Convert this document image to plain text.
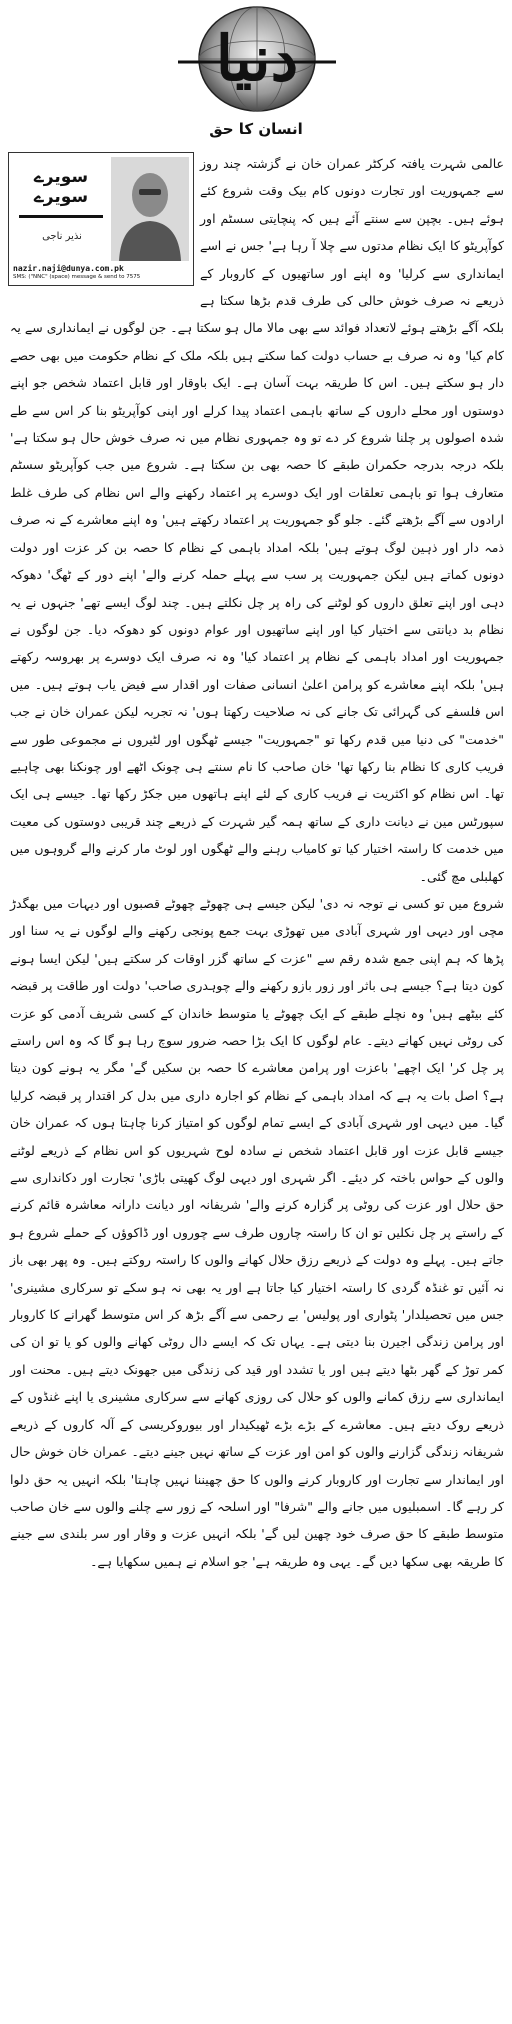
دنیا
انسان کا حق
سویرے سویرے
نذیر ناجی
nazir.naji@dunya.com.pk
SMS: ("NNC" (space) message & send to 7575

عالمی شہرت یافتہ کرکٹر عمران خان نے گزشتہ چند روز سے جمہوریت اور تجارت دونوں کام بیک وقت شروع کئے ہوئے ہیں۔ بچپن سے سنتے آئے ہیں کہ پنچایتی سسٹم اور کوآپریٹو کا ایک نظام مدتوں سے چلا آ رہا ہے' جس نے اسے ایمانداری سے کرلیا' وہ اپنے اور ساتھیوں کے کاروبار کے ذریعے نہ صرف خوش حالی کی طرف قدم بڑھا سکتا ہے بلکہ آگے بڑھتے ہوئے لاتعداد فوائد سے بھی مالا مال ہو سکتا ہے۔ جن لوگوں نے ایمانداری سے یہ کام کیا' وہ نہ صرف بے حساب دولت کما سکتے ہیں بلکہ ملک کے نظام حکومت میں بھی حصے دار ہو سکتے ہیں۔ اس کا طریقہ بہت آسان ہے۔ ایک باوقار اور قابل اعتماد شخص جو اپنے دوستوں اور محلے داروں کے ساتھ باہمی اعتماد پیدا کرلے اور اپنی کوآپریٹو بنا کر اس سے طے شدہ اصولوں پر چلنا شروع کر دے تو وہ جمہوری نظام میں نہ صرف خوش حال ہو سکتا ہے' بلکہ درجہ بدرجہ حکمران طبقے کا حصہ بھی بن سکتا ہے۔ شروع میں جب کوآپریٹو سسٹم متعارف ہوا تو باہمی تعلقات اور ایک دوسرے پر اعتماد رکھنے والے اس نظام کی طرف غلط ارادوں سے آگے بڑھتے گئے۔ جلو گو جمہوریت پر اعتماد رکھتے ہیں' وہ اپنے معاشرے کے نہ صرف ذمہ دار اور ذہین لوگ ہوتے ہیں' بلکہ امداد باہمی کے نظام کا حصہ بن کر عزت اور دولت دونوں کماتے ہیں لیکن جمہوریت پر سب سے پہلے حملہ کرنے والے' اپنے دور کے ٹھگ' دھوکہ دہی اور اپنے تعلق داروں کو لوٹنے کی راہ پر چل نکلتے ہیں۔ چند لوگ ایسے تھے' جنہوں نے یہ نظام بد دیانتی سے اختیار کیا اور اپنے ساتھیوں اور عوام دونوں کو دھوکہ دیا۔ جن لوگوں نے جمہوریت اور امداد باہمی کے نظام پر اعتماد کیا' وہ نہ صرف ایک دوسرے پر بھروسہ رکھتے ہیں' بلکہ اپنے معاشرے کو پرامن اعلیٰ انسانی صفات اور اقدار سے فیض یاب ہوتے ہیں۔ میں اس فلسفے کی گہرائی تک جانے کی نہ صلاحیت رکھتا ہوں' نہ تجربہ لیکن عمران خان نے جب "خدمت" کی دنیا میں قدم رکھا تو "جمہوریت" جیسے ٹھگوں اور لٹیروں نے مجموعی طور سے فریب کاری کا نظام بنا رکھا تھا' خان صاحب کا نام سنتے ہی چونک اٹھے اور چونکنا بھی چاہیے تھا۔ اس نظام کو اکثریت نے فریب کاری کے لئے اپنے ہاتھوں میں جکڑ رکھا تھا۔ جیسے ہی ایک سپورٹس مین نے دیانت داری کے ساتھ ہمہ گیر شہرت کے ذریعے چند قریبی دوستوں کی معیت میں خدمت کا راستہ اختیار کیا تو کامیاب رہنے والے ٹھگوں اور لوٹ مار کرنے والے گروہوں میں کھلبلی مچ گئی۔

شروع میں تو کسی نے توجہ نہ دی' لیکن جیسے ہی چھوٹے چھوٹے قصبوں اور دیہات میں بھگدڑ مچی اور دیہی اور شہری آبادی میں تھوڑی بہت جمع پونجی رکھنے والے لوگوں نے یہ سنا اور پڑھا کہ ہم اپنی جمع شدہ رقم سے "عزت کے ساتھ گزر اوقات کر سکتے ہیں' لیکن ایسا ہونے کون دیتا ہے؟ جیسے ہی باثر اور زور بازو رکھنے والے چوہدری صاحب' دولت اور طاقت پر قبضہ کئے بیٹھے ہیں' وہ نچلے طبقے کے ایک چھوٹے یا متوسط خاندان کے کسی شریف آدمی کو عزت کی روٹی نہیں کھانے دیتے۔ عام لوگوں کا ایک بڑا حصہ ضرور سوچ رہا ہو گا کہ وہ اس راستے پر چل کر' ایک اچھے' باعزت اور پرامن معاشرے کا حصہ بن سکیں گے' مگر یہ ہونے کون دیتا ہے؟ اصل بات یہ ہے کہ امداد باہمی کے نظام کو اجارہ داری میں بدل کر اقتدار پر قبضہ کرلیا گیا۔ میں دیہی اور شہری آبادی کے ایسے تمام لوگوں کو امتیاز کرنا چاہتا ہوں کہ عمران خان جیسے قابل عزت اور قابل اعتماد شخص نے سادہ لوح شہریوں کو اس نظام کے ذریعے لوٹنے والوں کے حواس باختہ کر دیئے۔ اگر شہری اور دیہی لوگ کھیتی باڑی' تجارت اور دکانداری سے حق حلال اور عزت کی روٹی پر گزارہ کرنے والے' شریفانہ اور دیانت دارانہ معاشرہ قائم کرنے کے راستے پر چل نکلیں تو ان کا راستہ چاروں طرف سے چوروں اور ڈاکوؤں کے حملے شروع ہو جاتے ہیں۔ پہلے وہ دولت کے ذریعے رزق حلال کھانے والوں کا راستہ روکتے ہیں۔ وہ پھر بھی باز نہ آئیں تو غنڈہ گردی کا راستہ اختیار کیا جاتا ہے اور یہ بھی نہ ہو سکے تو سرکاری مشینری' جس میں تحصیلدار' پٹواری اور پولیس' بے رحمی سے آگے بڑھ کر اس متوسط گھرانے کا کاروبار اور پرامن زندگی اجیرن بنا دیتی ہے۔ یہاں تک کہ ایسے دال روٹی کھانے والوں کو یا تو ان کی کمر توڑ کے گھر بٹھا دیتے ہیں اور یا تشدد اور قید کی زندگی میں جھونک دیتے ہیں۔ محنت اور ایمانداری سے رزق کمانے والوں کو حلال کی روزی کھانے سے سرکاری مشینری یا اپنے غنڈوں کے ذریعے روک دیتے ہیں۔ معاشرے کے بڑے بڑے ٹھیکیدار اور بیوروکریسی کے آلہ کاروں کے ذریعے شریفانہ زندگی گزارنے والوں کو امن اور عزت کے ساتھ نہیں جینے دیتے۔ عمران خان خوش حال اور ایماندار سے تجارت اور کاروبار کرنے والوں کا حق چھیننا نہیں چاہتا' بلکہ انہیں یہ حق دلوا کر رہے گا۔ اسمبلیوں میں جانے والے "شرفا" اور اسلحہ کے زور سے چلنے والوں سے خان صاحب متوسط طبقے کا حق صرف خود چھین لیں گے' بلکہ انہیں عزت و وقار اور سر بلندی سے جینے کا طریقہ بھی سکھا دیں گے۔ یہی وہ طریقہ ہے' جو اسلام نے ہمیں سکھایا ہے۔
